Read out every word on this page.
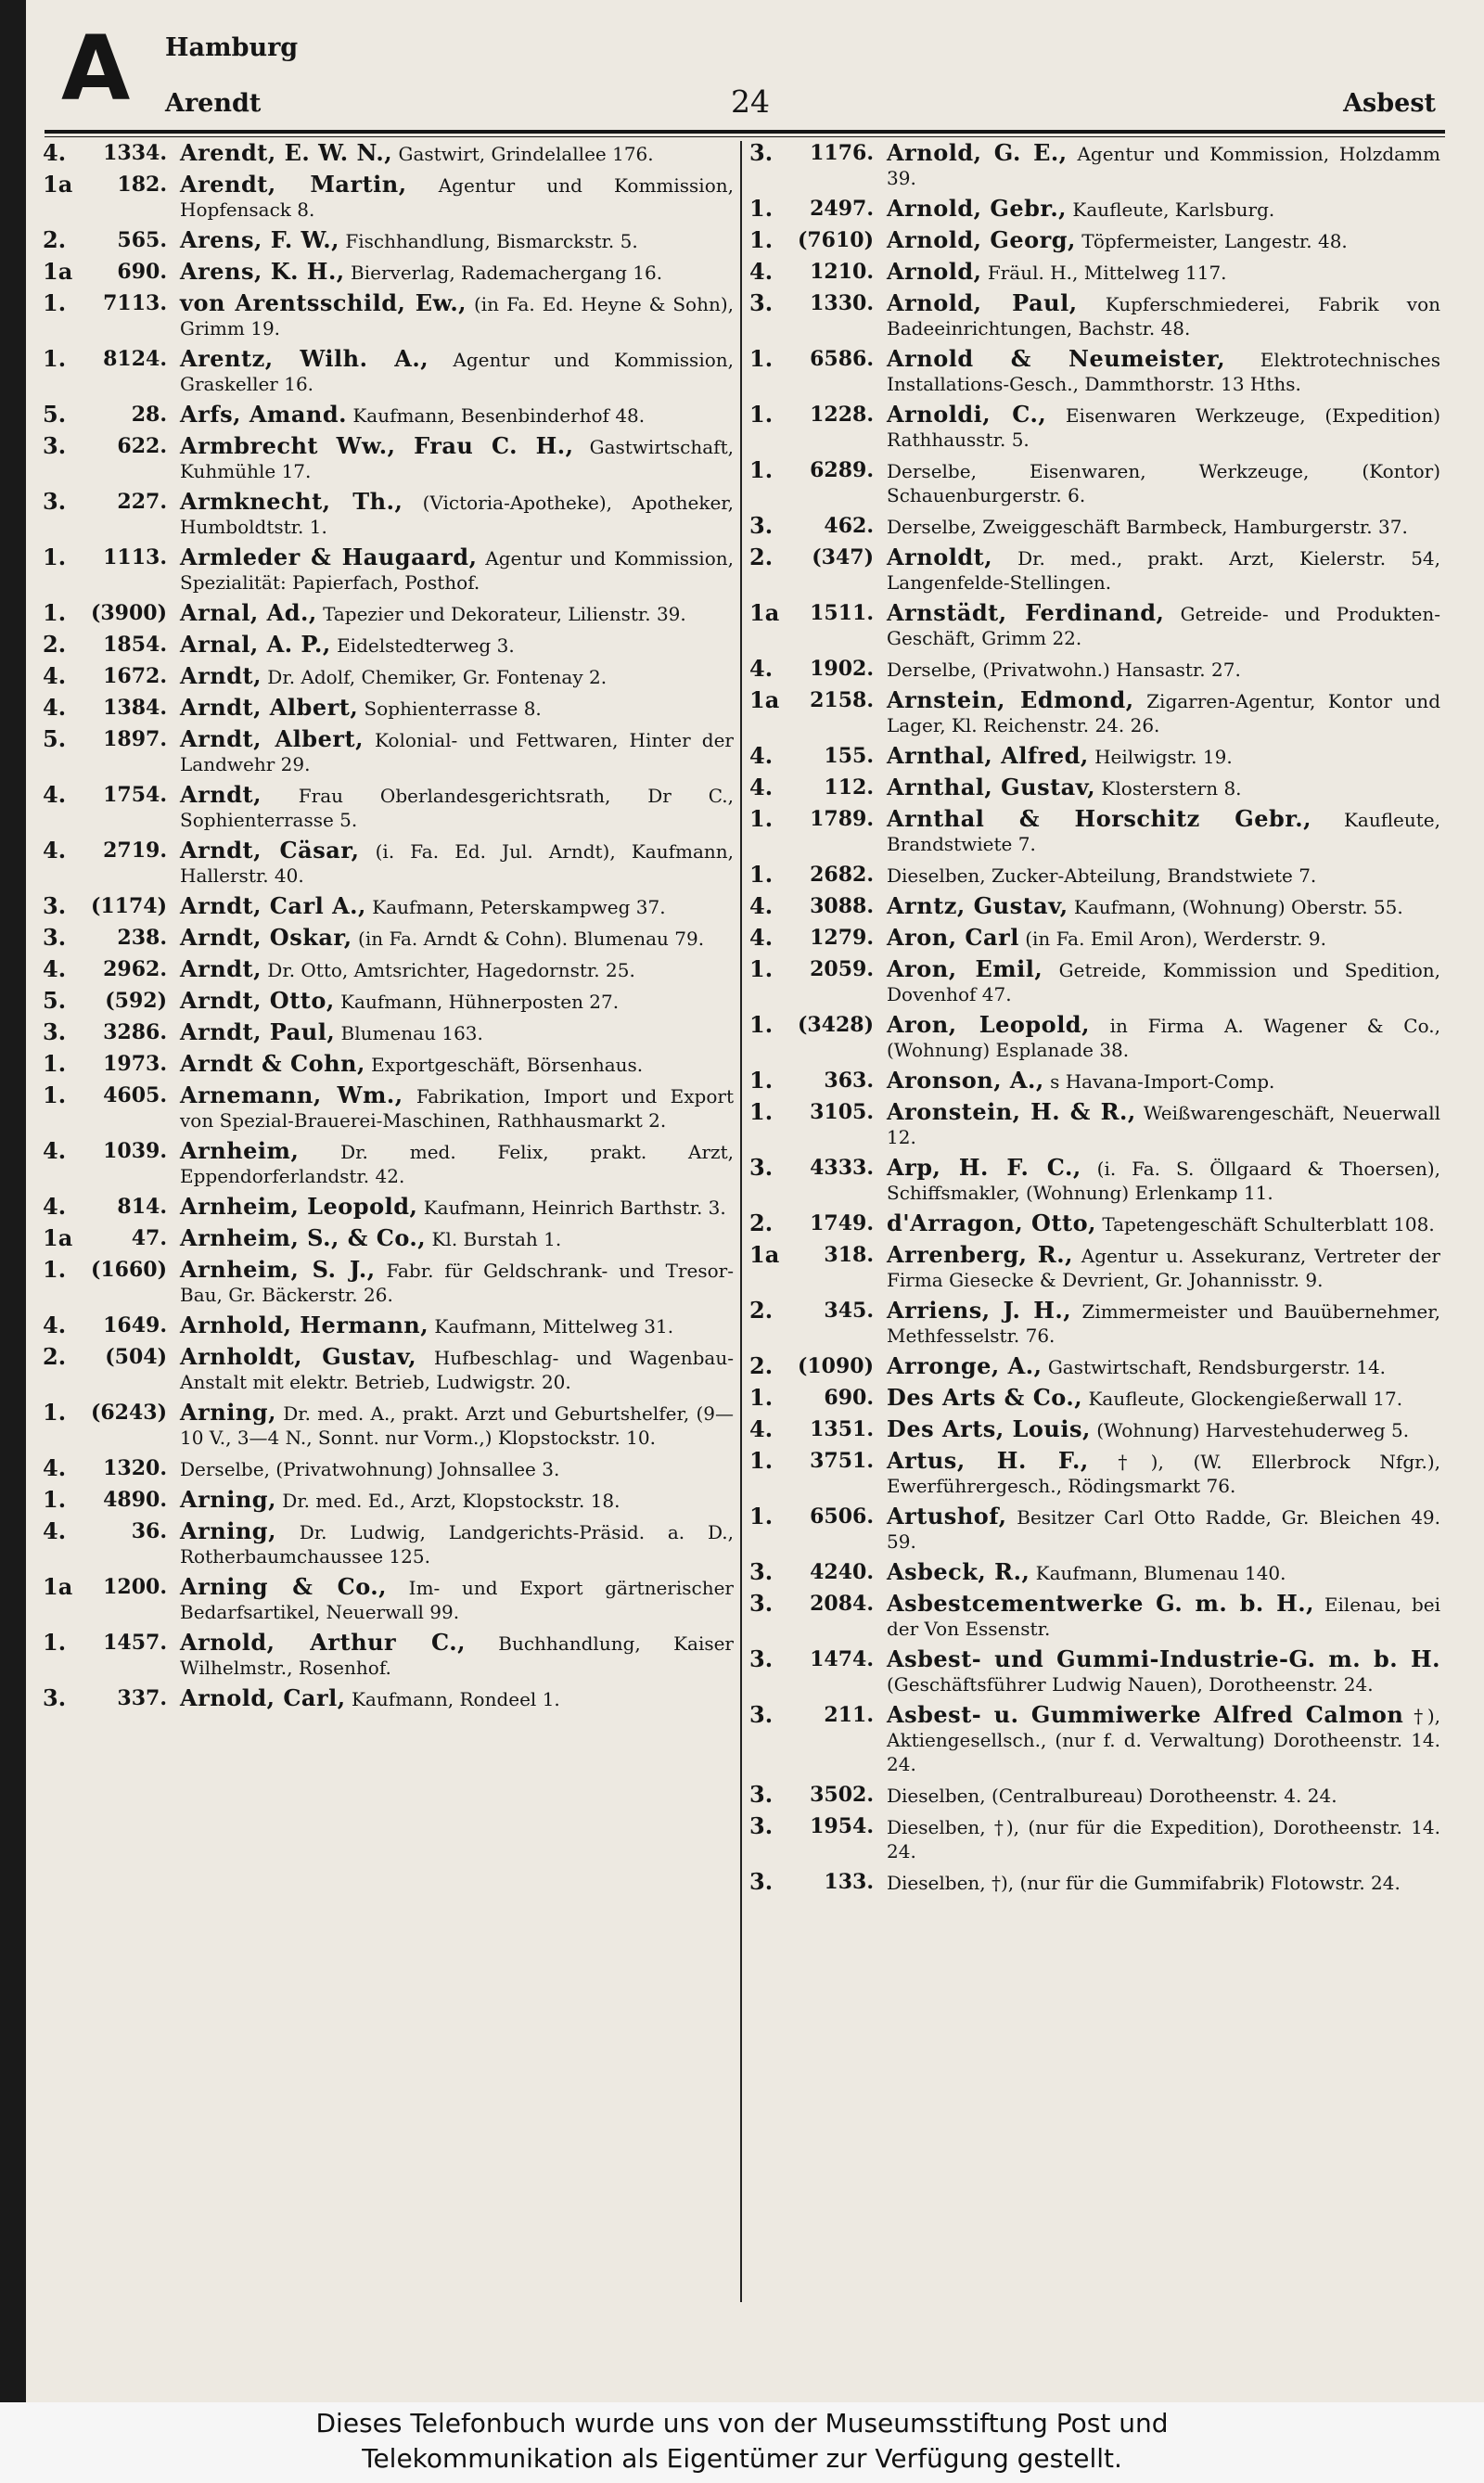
A Hamburg
Arendt	24	Asbest
4.	1334. Arendt, E. W. N., Gastwirt, Grindelallee 176.
1a	182. Arendt, Martin, Agentur und Kommission, Hopfensack 8.
2.	565. Arens, F. W., Fischhandlung, Bismarckstr. 5.
1a	690. Arens, K. H., Bierverlag, Rademachergang 16.
1.	7113. von Arentsschild, Ew., (in Fa. Ed. Heyne & Sohn), Grimm 19.
1.	8124. Arentz, Wilh. A., Agentur und Kommission, Graskeller 16.
5.	28. Arfs, Amand. Kaufmann, Besenbinderhof 48.
3.	622. Armbrecht Ww., Frau C. H., Gastwirtschaft, Kuhmühle 17.
3.	227. Armknecht, Th., (Victoria-Apotheke), Apotheker, Humboldtstr. 1.
1.	1113. Armleder & Haugaard, Agentur und Kommission, Spezialität: Papierfach, Posthof.
1.	(3900) Arnal, Ad., Tapezier und Dekorateur, Lilienstr. 39.
2.	1854. Arnal, A. P., Eidelstedterweg 3.
4.	1672. Arndt, Dr. Adolf, Chemiker, Gr. Fontenay 2.
4.	1384. Arndt, Albert, Sophienterrasse 8.
5.	1897. Arndt, Albert, Kolonial- und Fettwaren, Hinter der Landwehr 29.
4.	1754. Arndt, Frau Oberlandesgerichtsrath, Dr C., Sophienterrasse 5.
4.	2719. Arndt, Cäsar, (i. Fa. Ed. Jul. Arndt), Kaufmann, Hallerstr. 40.
3.	(1174) Arndt, Carl A., Kaufmann, Peterskampweg 37.
3.	238. Arndt, Oskar, (in Fa. Arndt & Cohn). Blumenau 79.
4.	2962. Arndt, Dr. Otto, Amtsrichter, Hagedornstr. 25.
5.	(592) Arndt, Otto, Kaufmann, Hühnerposten 27.
3.	3286. Arndt, Paul, Blumenau 163.
1.	1973. Arndt & Cohn, Exportgeschäft, Börsenhaus.
1.	4605. Arnemann, Wm., Fabrikation, Import und Export von Spezial-Brauerei-Maschinen, Rathhausmarkt 2.
4.	1039. Arnheim, Dr. med. Felix, prakt. Arzt, Eppendorferlandstr. 42.
4.	814. Arnheim, Leopold, Kaufmann, Heinrich Barthstr. 3.
1a	47. Arnheim, S., & Co., Kl. Burstah 1.
1.	(1660) Arnheim, S. J., Fabr. für Geldschrank- und Tresor-Bau, Gr. Bäckerstr. 26.
4.	1649. Arnhold, Hermann, Kaufmann, Mittelweg 31.
2.	(504) Arnholdt, Gustav, Hufbeschlag- und Wagenbau-Anstalt mit elektr. Betrieb, Ludwigstr. 20.
1.	(6243) Arning, Dr. med. A., prakt. Arzt und Geburtshelfer, (9—10 V., 3—4 N., Sonnt. nur Vorm.,) Klopstockstr. 10.
4.	1320. Derselbe, (Privatwohnung) Johnsallee 3.
1.	4890. Arning, Dr. med. Ed., Arzt, Klopstockstr. 18.
4.	36. Arning, Dr. Ludwig, Landgerichts-Präsid. a. D., Rotherbaumchaussee 125.
1a	1200. Arning & Co., Im- und Export gärtnerischer Bedarfsartikel, Neuerwall 99.
1.	1457. Arnold, Arthur C., Buchhandlung, Kaiser Wilhelmstr., Rosenhof.
3.	337. Arnold, Carl, Kaufmann, Rondeel 1.
3.	1176. Arnold, G. E., Agentur und Kommission, Holzdamm 39.
1.	2497. Arnold, Gebr., Kaufleute, Karlsburg.
1.	(7610) Arnold, Georg, Töpfermeister, Langestr. 48.
4.	1210. Arnold, Fräul. H., Mittelweg 117.
3.	1330. Arnold, Paul, Kupferschmiederei, Fabrik von Badeeinrichtungen, Bachstr. 48.
1.	6586. Arnold & Neumeister, Elektrotechnisches Installations-Gesch., Dammthorstr. 13 Hths.
1.	1228. Arnoldi, C., Eisenwaren Werkzeuge, (Expedition) Rathhausstr. 5.
1.	6289. Derselbe, Eisenwaren, Werkzeuge, (Kontor) Schauenburgerstr. 6.
3.	462. Derselbe, Zweiggeschäft Barmbeck, Hamburgerstr. 37.
2.	(347) Arnoldt, Dr. med., prakt. Arzt, Kielerstr. 54, Langenfelde-Stellingen.
1a	1511. Arnstädt, Ferdinand, Getreide- und Produkten-Geschäft, Grimm 22.
4.	1902. Derselbe, (Privatwohn.) Hansastr. 27.
1a	2158. Arnstein, Edmond, Zigarren-Agentur, Kontor und Lager, Kl. Reichenstr. 24. 26.
4.	155. Arnthal, Alfred, Heilwigstr. 19.
4.	112. Arnthal, Gustav, Klosterstern 8.
1.	1789. Arnthal & Horschitz Gebr., Kaufleute, Brandstwiete 7.
1.	2682. Dieselben, Zucker-Abteilung, Brandstwiete 7.
4.	3088. Arntz, Gustav, Kaufmann, (Wohnung) Oberstr. 55.
4.	1279. Aron, Carl (in Fa. Emil Aron), Werderstr. 9.
1.	2059. Aron, Emil, Getreide, Kommission und Spedition, Dovenhof 47.
1.	(3428) Aron, Leopold, in Firma A. Wagener & Co., (Wohnung) Esplanade 38.
1.	363. Aronson, A., s Havana-Import-Comp.
1.	3105. Aronstein, H. & R., Weißwarengeschäft, Neuerwall 12.
3.	4333. Arp, H. F. C., (i. Fa. S. Öllgaard & Thoersen), Schiffsmakler, (Wohnung) Erlenkamp 11.
2.	1749. d'Arragon, Otto, Tapetengeschäft Schulterblatt 108.
1a	318. Arrenberg, R., Agentur u. Assekuranz, Vertreter der Firma Giesecke & Devrient, Gr. Johannisstr. 9.
2.	345. Arriens, J. H., Zimmermeister und Bauübernehmer, Methfesselstr. 76.
2.	(1090) Arronge, A., Gastwirtschaft, Rendsburgerstr. 14.
1.	690. Des Arts & Co., Kaufleute, Glockengießerwall 17.
4.	1351. Des Arts, Louis, (Wohnung) Harvestehuderweg 5.
1.	3751. Artus, H. F., †), (W. Ellerbrock Nfgr.), Ewerführergesch., Rödingsmarkt 76.
1.	6506. Artushof, Besitzer Carl Otto Radde, Gr. Bleichen 49. 59.
3.	4240. Asbeck, R., Kaufmann, Blumenau 140.
3.	2084. Asbestcementwerke G. m. b. H., Eilenau, bei der Von Essenstr.
3.	1474. Asbest- und Gummi-Industrie-G. m. b. H. (Geschäftsführer Ludwig Nauen), Dorotheenstr. 24.
3.	211. Asbest- u. Gummiwerke Alfred Calmon †), Aktiengesellsch., (nur f. d. Verwaltung) Dorotheenstr. 14. 24.
3.	3502. Dieselben, (Centralbureau) Dorotheenstr. 4. 24.
3.	1954. Dieselben, †), (nur für die Expedition), Dorotheenstr. 14. 24.
3.	133. Dieselben, †), (nur für die Gummifabrik) Flotowstr. 24.
Dieses Telefonbuch wurde uns von der Museumsstiftung Post und
Telekommunikation als Eigentümer zur Verfügung gestellt.
